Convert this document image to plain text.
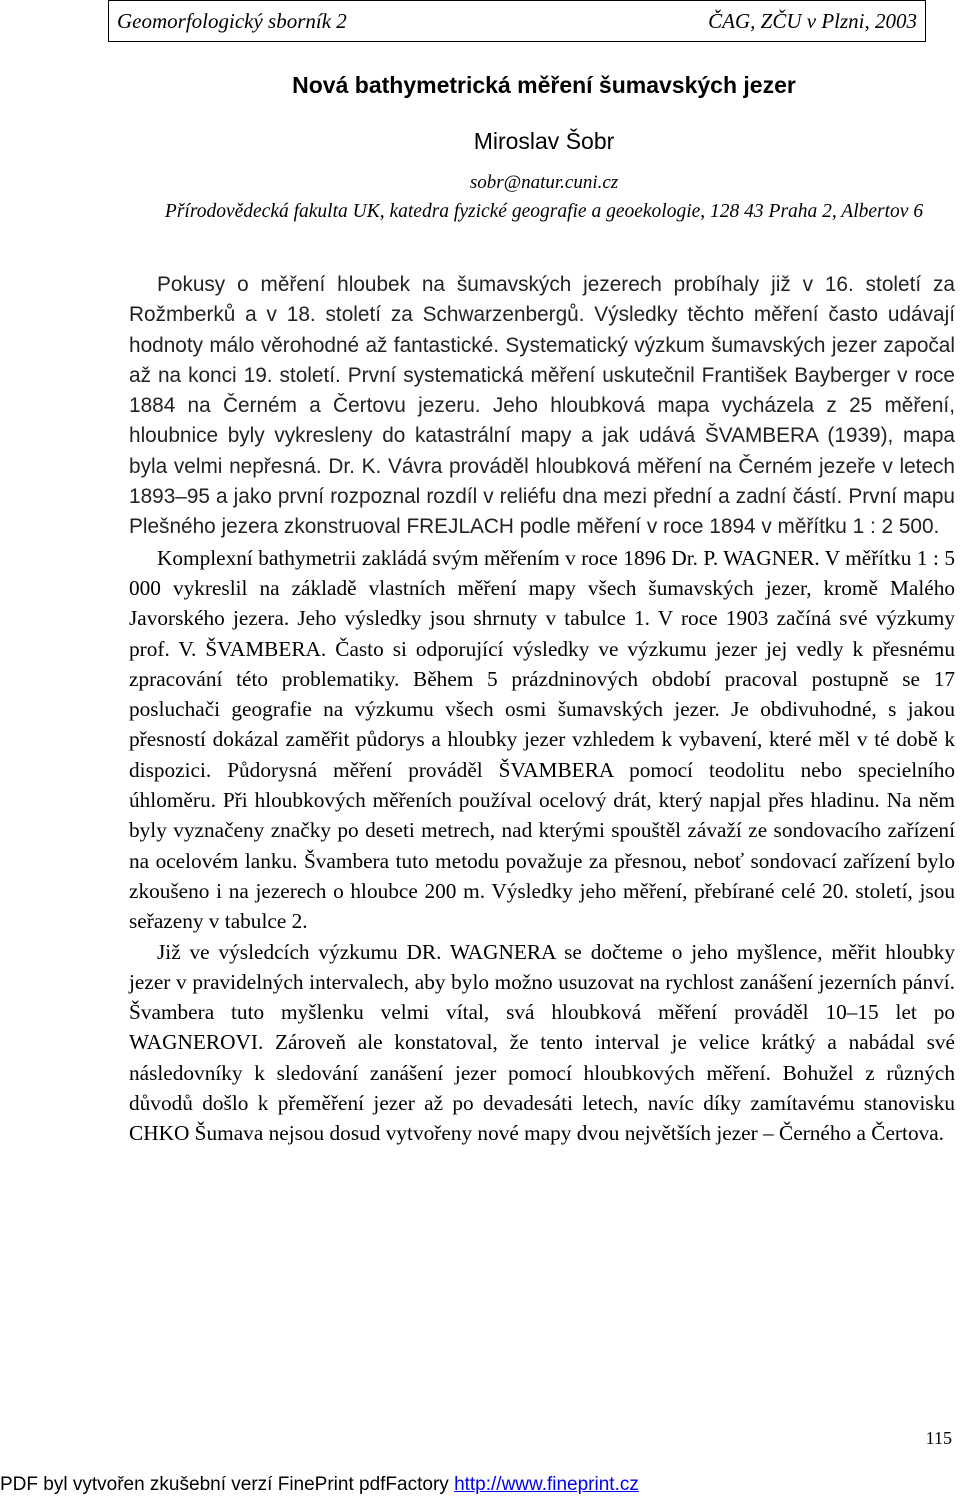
Geomorfologický sborník 2	ČAG, ZČU v Plzni, 2003
Nová bathymetrická měření šumavských jezer
Miroslav Šobr
sobr@natur.cuni.cz
Přírodovědecká fakulta UK, katedra fyzické geografie a geoekologie, 128 43 Praha 2, Albertov 6

Pokusy o měření hloubek na šumavských jezerech probíhaly již v 16. století za Rožmberků a v 18. století za Schwarzenbergů. Výsledky těchto měření často udávají hodnoty málo věrohodné až fantastické. Systematický výzkum šumavských jezer započal až na konci 19. století. První systematická měření uskutečnil František Bayberger v roce 1884 na Černém a Čertovu jezeru. Jeho hloubková mapa vycházela z 25 měření, hloubnice byly vykresleny do katastrální mapy a jak udává ŠVAMBERA (1939), mapa byla velmi nepřesná. Dr. K. Vávra prováděl hloubková měření na Černém jezeře v letech 1893–95 a jako první rozpoznal rozdíl v reliéfu dna mezi přední a zadní částí. První mapu Plešného jezera zkonstruoval FREJLACH podle měření v roce 1894 v měřítku 1 : 2 500.

Komplexní bathymetrii zakládá svým měřením v roce 1896 Dr. P. WAGNER. V měřítku 1 : 5 000 vykreslil na základě vlastních měření mapy všech šumavských jezer, kromě Malého Javorského jezera. Jeho výsledky jsou shrnuty v tabulce 1. V roce 1903 začíná své výzkumy prof. V. ŠVAMBERA. Často si odporující výsledky ve výzkumu jezer jej vedly k přesnému zpracování této problematiky. Během 5 prázdninových období pracoval postupně se 17 posluchači geografie na výzkumu všech osmi šumavských jezer. Je obdivuhodné, s jakou přesností dokázal zaměřit půdorys a hloubky jezer vzhledem k vybavení, které měl v té době k dispozici. Půdorysná měření prováděl ŠVAMBERA pomocí teodolitu nebo specielního úhloměru. Při hloubkových měřeních používal ocelový drát, který napjal přes hladinu. Na něm byly vyznačeny značky po deseti metrech, nad kterými spouštěl závaží ze sondovacího zařízení na ocelovém lanku. Švambera tuto metodu považuje za přesnou, neboť sondovací zařízení bylo zkoušeno i na jezerech o hloubce 200 m. Výsledky jeho měření, přebírané celé 20. století, jsou seřazeny v tabulce 2.

Již ve výsledcích výzkumu DR. WAGNERA se dočteme o jeho myšlence, měřit hloubky jezer v pravidelných intervalech, aby bylo možno usuzovat na rychlost zanášení jezerních pánví. Švambera tuto myšlenku velmi vítal, svá hloubková měření prováděl 10–15 let po WAGNEROVI. Zároveň ale konstatoval, že tento interval je velice krátký a nabádal své následovníky k sledování zanášení jezer pomocí hloubkových měření. Bohužel z různých důvodů došlo k přeměření jezer až po devadesáti letech, navíc díky zamítavému stanovisku CHKO Šumava nejsou dosud vytvořeny nové mapy dvou největších jezer – Černého a Čertova.

115
PDF byl vytvořen zkušební verzí FinePrint pdfFactory http://www.fineprint.cz
